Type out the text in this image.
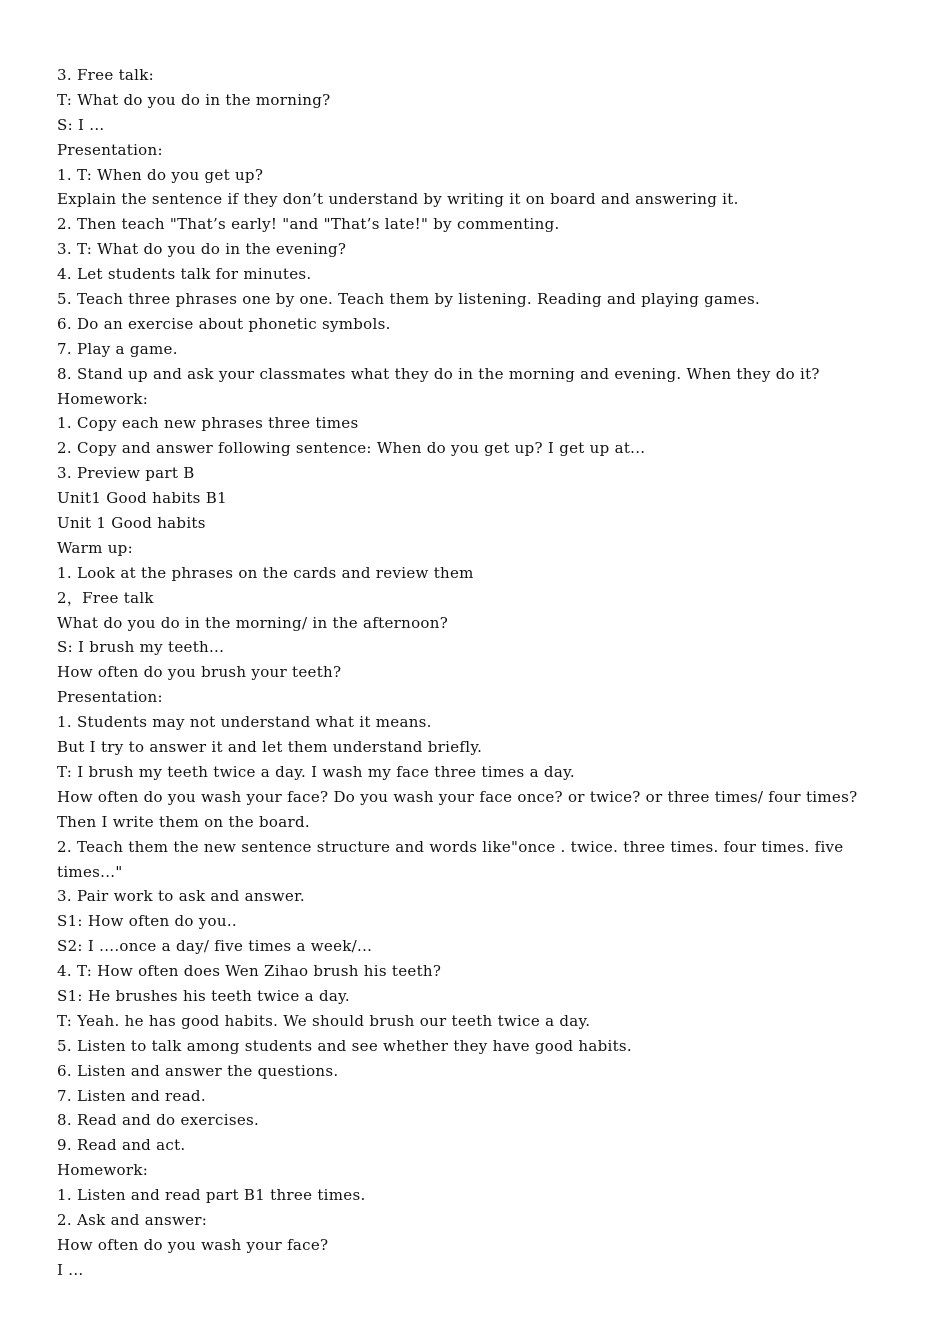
3. Free talk:
T: What do you do in the morning?
S: I ...
Presentation:
1. T: When do you get up?
Explain the sentence if they don’t understand by writing it on board and answering it.
2. Then teach "That’s early! "and "That’s late!" by commenting.
3. T: What do you do in the evening?
4. Let students talk for minutes.
5. Teach three phrases one by one. Teach them by listening. Reading and playing games.
6. Do an exercise about phonetic symbols.
7. Play a game.
8. Stand up and ask your classmates what they do in the morning and evening. When they do it?
Homework:
1. Copy each new phrases three times
2. Copy and answer following sentence: When do you get up? I get up at...
3. Preview part B
Unit1 Good habits B1
Unit 1 Good habits
Warm up:
1. Look at the phrases on the cards and review them
2，Free talk
What do you do in the morning/ in the afternoon?
S: I brush my teeth...
How often do you brush your teeth?
Presentation:
1. Students may not understand what it means.
But I try to answer it and let them understand briefly.
T: I brush my teeth twice a day. I wash my face three times a day.
How often do you wash your face? Do you wash your face once? or twice? or three times/ four times?
Then I write them on the board.
2. Teach them the new sentence structure and words like"once . twice. three times. four times. five
times..."
3. Pair work to ask and answer.
S1: How often do you..
S2: I ....once a day/ five times a week/...
4. T: How often does Wen Zihao brush his teeth?
S1: He brushes his teeth twice a day.
T: Yeah. he has good habits. We should brush our teeth twice a day.
5. Listen to talk among students and see whether they have good habits.
6. Listen and answer the questions.
7. Listen and read.
8. Read and do exercises.
9. Read and act.
Homework:
1. Listen and read part B1 three times.
2. Ask and answer:
How often do you wash your face?
I ...
